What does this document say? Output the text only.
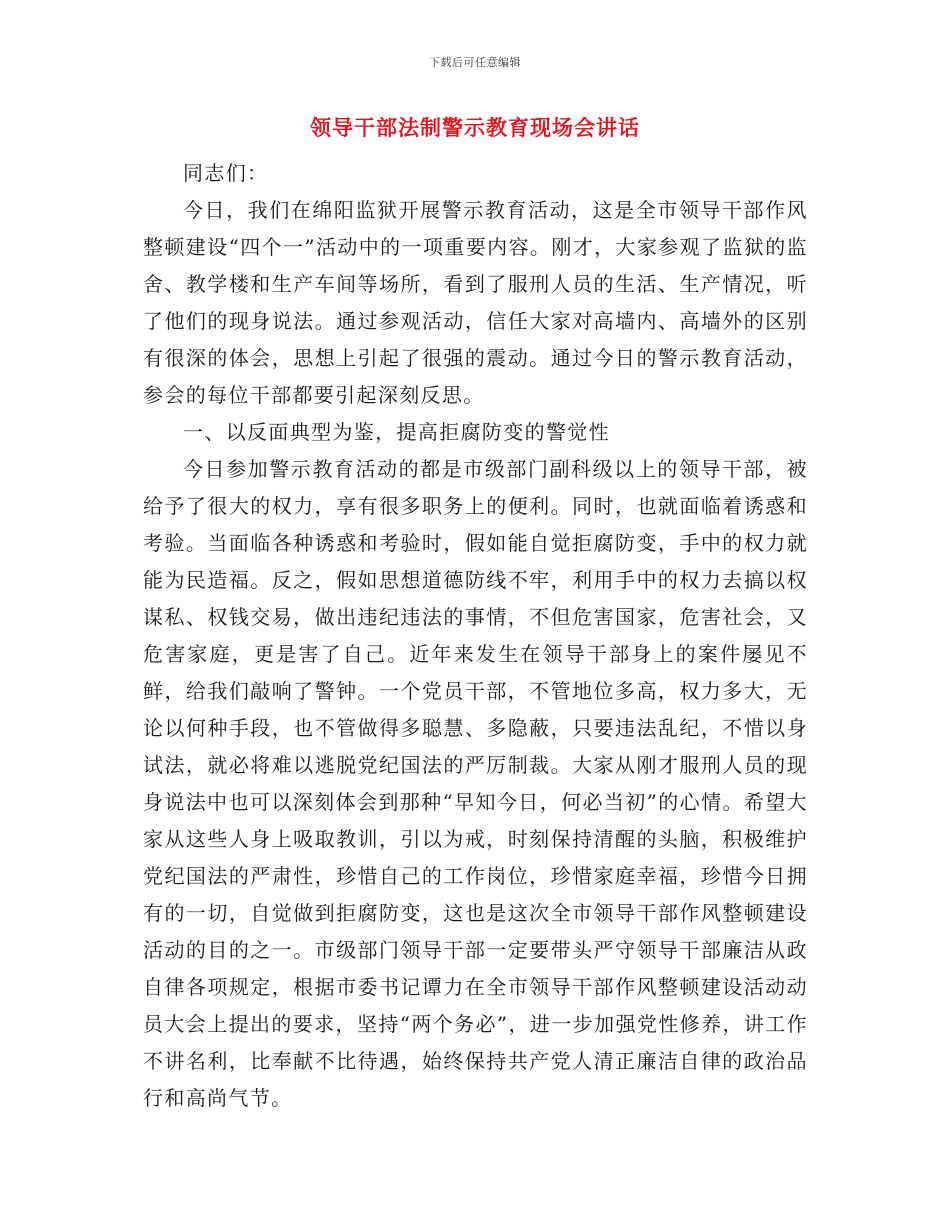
下载后可任意编辑
领导干部法制警示教育现场会讲话

同志们：

今日，我们在绵阳监狱开展警示教育活动，这是全市领导干部作风整顿建设“四个一”活动中的一项重要内容。刚才，大家参观了监狱的监舍、教学楼和生产车间等场所，看到了服刑人员的生活、生产情况，听了他们的现身说法。通过参观活动，信任大家对高墙内、高墙外的区别有很深的体会，思想上引起了很强的震动。通过今日的警示教育活动，参会的每位干部都要引起深刻反思。

一、以反面典型为鉴，提高拒腐防变的警觉性

今日参加警示教育活动的都是市级部门副科级以上的领导干部，被给予了很大的权力，享有很多职务上的便利。同时，也就面临着诱惑和考验。当面临各种诱惑和考验时，假如能自觉拒腐防变，手中的权力就能为民造福。反之，假如思想道德防线不牢，利用手中的权力去搞以权谋私、权钱交易，做出违纪违法的事情，不但危害国家，危害社会，又危害家庭，更是害了自己。近年来发生在领导干部身上的案件屡见不鲜，给我们敲响了警钟。一个党员干部，不管地位多高，权力多大，无论以何种手段，也不管做得多聪慧、多隐蔽，只要违法乱纪，不惜以身试法，就必将难以逃脱党纪国法的严厉制裁。大家从刚才服刑人员的现身说法中也可以深刻体会到那种“早知今日，何必当初”的心情。希望大家从这些人身上吸取教训，引以为戒，时刻保持清醒的头脑，积极维护党纪国法的严肃性，珍惜自己的工作岗位，珍惜家庭幸福，珍惜今日拥有的一切，自觉做到拒腐防变，这也是这次全市领导干部作风整顿建设活动的目的之一。市级部门领导干部一定要带头严守领导干部廉洁从政自律各项规定，根据市委书记谭力在全市领导干部作风整顿建设活动动员大会上提出的要求，坚持“两个务必”，进一步加强党性修养，讲工作不讲名利，比奉献不比待遇，始终保持共产党人清正廉洁自律的政治品行和高尚气节。
